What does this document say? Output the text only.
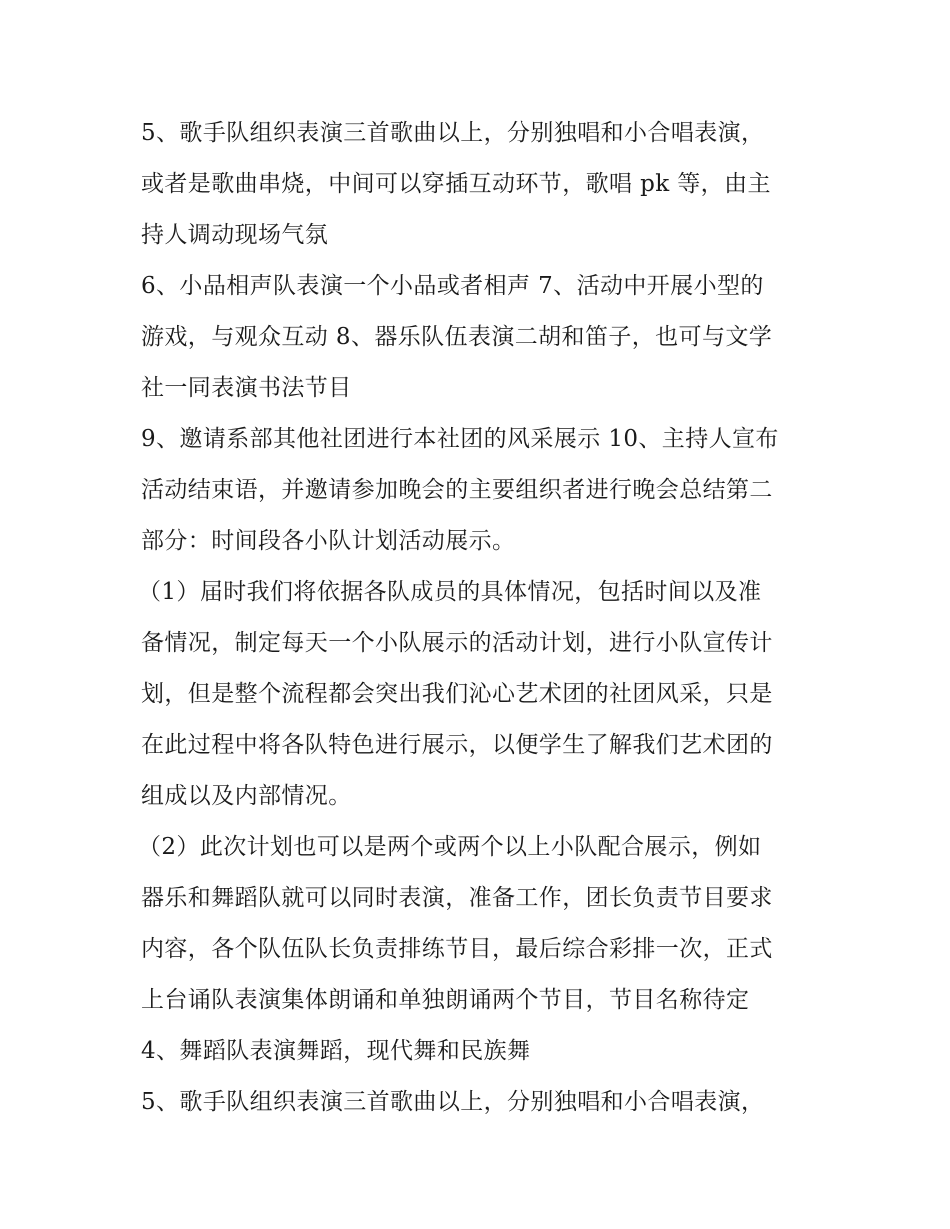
5、歌手队组织表演三首歌曲以上，分别独唱和小合唱表演，
或者是歌曲串烧，中间可以穿插互动环节，歌唱 pk 等，由主
持人调动现场气氛
6、小品相声队表演一个小品或者相声 7、活动中开展小型的
游戏，与观众互动 8、器乐队伍表演二胡和笛子，也可与文学
社一同表演书法节目
9、邀请系部其他社团进行本社团的风采展示 10、主持人宣布
活动结束语，并邀请参加晚会的主要组织者进行晚会总结第二
部分：时间段各小队计划活动展示。
（1）届时我们将依据各队成员的具体情况，包括时间以及准
备情况，制定每天一个小队展示的活动计划，进行小队宣传计
划，但是整个流程都会突出我们沁心艺术团的社团风采，只是
在此过程中将各队特色进行展示，以便学生了解我们艺术团的
组成以及内部情况。
（2）此次计划也可以是两个或两个以上小队配合展示，例如
器乐和舞蹈队就可以同时表演，准备工作，团长负责节目要求
内容，各个队伍队长负责排练节目，最后综合彩排一次，正式
上台诵队表演集体朗诵和单独朗诵两个节目，节目名称待定
4、舞蹈队表演舞蹈，现代舞和民族舞
5、歌手队组织表演三首歌曲以上，分别独唱和小合唱表演，
